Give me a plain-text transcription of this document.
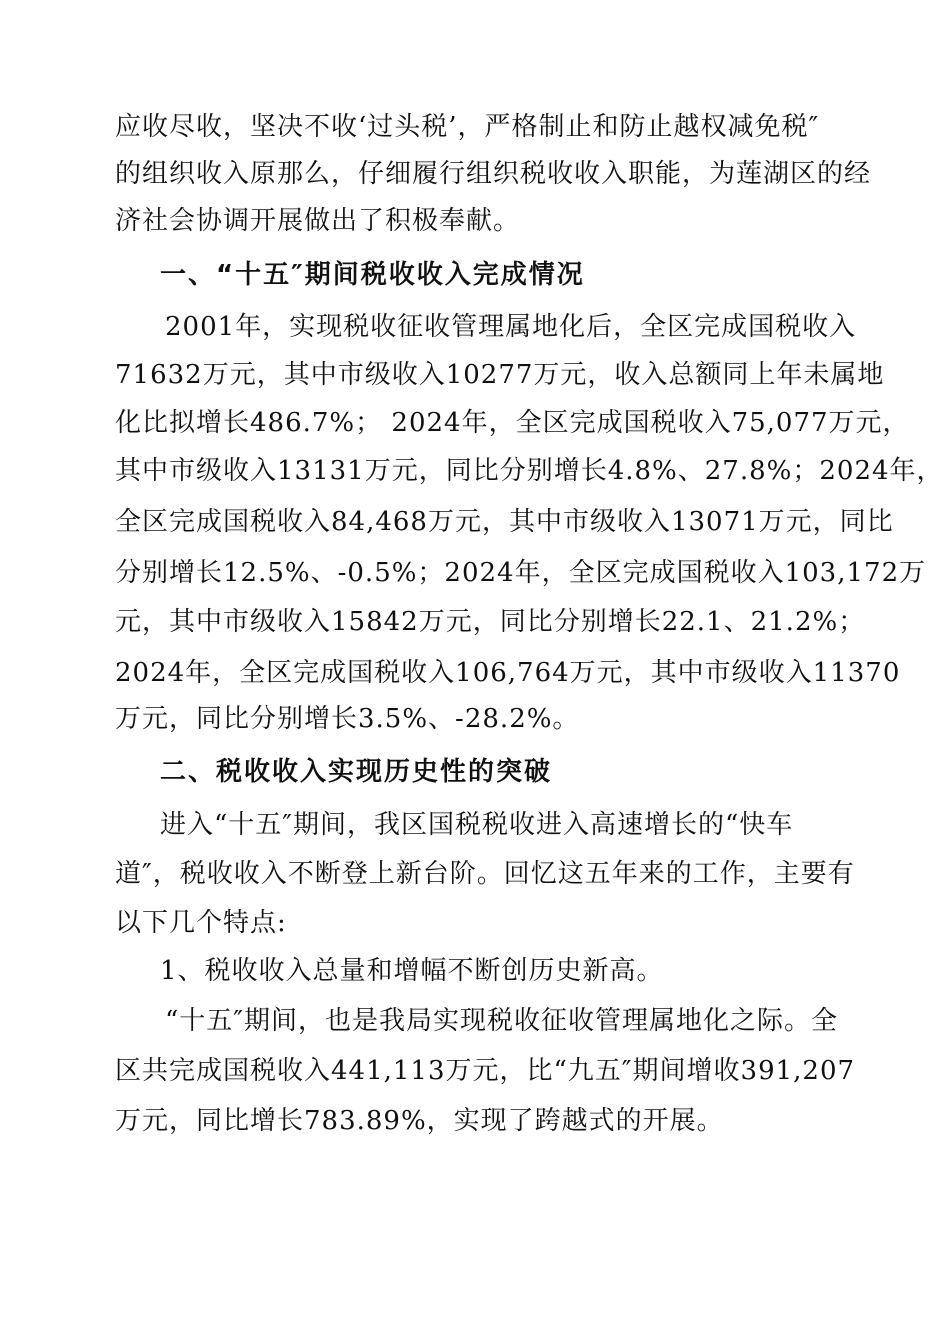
应收尽收，坚决不收‘过头税’，严格制止和防止越权减免税″
的组织收入原那么，仔细履行组织税收收入职能，为莲湖区的经
济社会协调开展做出了积极奉献。
一、“十五″期间税收收入完成情况
2001年，实现税收征收管理属地化后，全区完成国税收入
71632万元，其中市级收入10277万元，收入总额同上年未属地
化比拟增长486.7%； 2024年，全区完成国税收入75,077万元，
其中市级收入13131万元，同比分别增长4.8%、27.8%；2024年，
全区完成国税收入84,468万元，其中市级收入13071万元，同比
分别增长12.5%、-0.5%；2024年，全区完成国税收入103,172万
元，其中市级收入15842万元，同比分别增长22.1、21.2%；
2024年，全区完成国税收入106,764万元，其中市级收入11370
万元，同比分别增长3.5%、-28.2%。
二、税收收入实现历史性的突破
进入“十五″期间，我区国税税收进入高速增长的“快车
道″，税收收入不断登上新台阶。回忆这五年来的工作，主要有
以下几个特点:
1、税收收入总量和增幅不断创历史新高。
“十五″期间，也是我局实现税收征收管理属地化之际。全
区共完成国税收入441,113万元，比“九五″期间增收391,207
万元，同比增长783.89%，实现了跨越式的开展。
